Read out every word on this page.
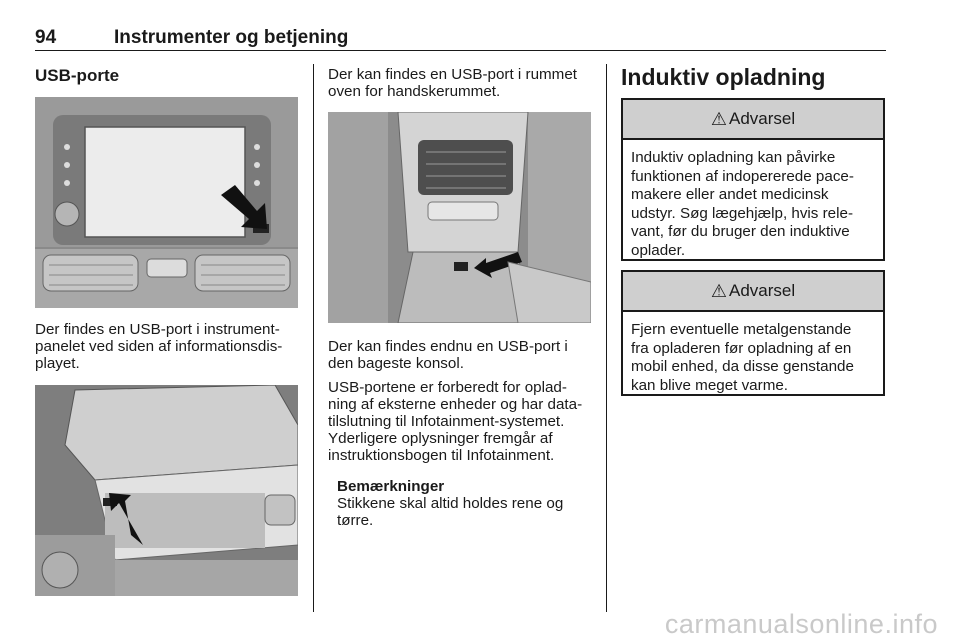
94	Instrumenter og betjening
USB-porte
Der findes en USB-port i instrument-
panelet ved siden af informationsdis-
playet.
Der kan findes en USB-port i rummet
oven for handskerummet.
Der kan findes endnu en USB-port i
den bageste konsol.
USB-portene er forberedt for oplad-
ning af eksterne enheder og har data-
tilslutning til Infotainment-systemet.
Yderligere oplysninger fremgår af
instruktionsbogen til Infotainment.
Bemærkninger
Stikkene skal altid holdes rene og
tørre.
Induktiv opladning
⚠ Advarsel
Induktiv opladning kan påvirke
funktionen af indopererede pace-
makere eller andet medicinsk
udstyr. Søg lægehjælp, hvis rele-
vant, før du bruger den induktive
oplader.
⚠ Advarsel
Fjern eventuelle metalgenstande
fra opladeren før opladning af en
mobil enhed, da disse genstande
kan blive meget varme.
carmanualsonline.info
